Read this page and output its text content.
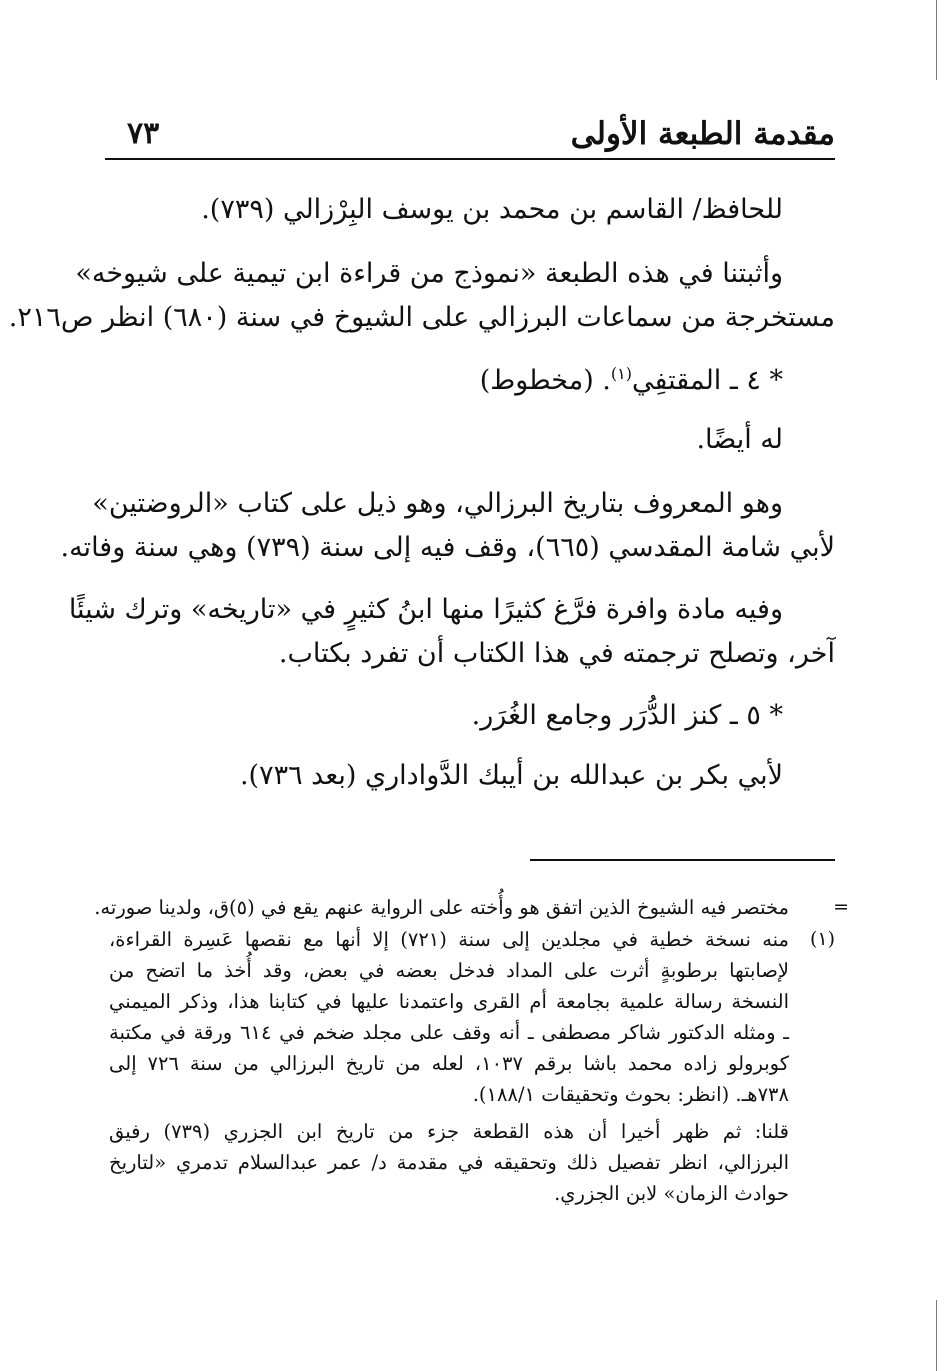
مقدمة الطبعة الأولى
٧٣
للحافظ/ القاسم بن محمد بن يوسف البِرْزالي (٧٣٩).
وأثبتنا في هذه الطبعة «نموذج من قراءة ابن تيمية على شيوخه»
مستخرجة من سماعات البرزالي على الشيوخ في سنة (٦٨٠) انظر ص٢١٦.
* ٤ ـ المقتفِي$^{(١)}$. (مخطوط)
له أيضًا.
وهو المعروف بتاريخ البرزالي، وهو ذيل على كتاب «الروضتين»
لأبي شامة المقدسي (٦٦٥)، وقف فيه إلى سنة (٧٣٩) وهي سنة وفاته.
وفيه مادة وافرة فرَّغ كثيرًا منها ابنُ كثيرٍ في «تاريخه» وترك شيئًا
آخر، وتصلح ترجمته في هذا الكتاب أن تفرد بكتاب.
* ٥ ـ كنز الدُّرَر وجامع الغُرَر.
لأبي بكر بن عبدالله بن أيبك الدَّواداري (بعد ٧٣٦).
=
مختصر فيه الشيوخ الذين اتفق هو وأُخته على الرواية عنهم يقع في (٥)ق، ولدينا صورته.
(١)
منه نسخة خطية في مجلدين إلى سنة (٧٢١) إلا أنها مع نقصها عَسِرة القراءة،
لإصابتها برطوبةٍ أثرت على المداد فدخل بعضه في بعض، وقد أُخذ ما اتضح من
النسخة رسالة علمية بجامعة أم القرى واعتمدنا عليها في كتابنا هذا، وذكر الميمني
ـ ومثله الدكتور شاكر مصطفى ـ أنه وقف على مجلد ضخم في ٦١٤ ورقة في مكتبة
كوبرولو زاده محمد باشا برقم ١٠٣٧، لعله من تاريخ البرزالي من سنة ٧٢٦ إلى
٧٣٨هـ. (انظر: بحوث وتحقيقات ١٨٨/١).
قلنا: ثم ظهر أخيرا أن هذه القطعة جزء من تاريخ ابن الجزري (٧٣٩) رفيق
البرزالي، انظر تفصيل ذلك وتحقيقه في مقدمة د/ عمر عبدالسلام تدمري «لتاريخ
حوادث الزمان» لابن الجزري.
